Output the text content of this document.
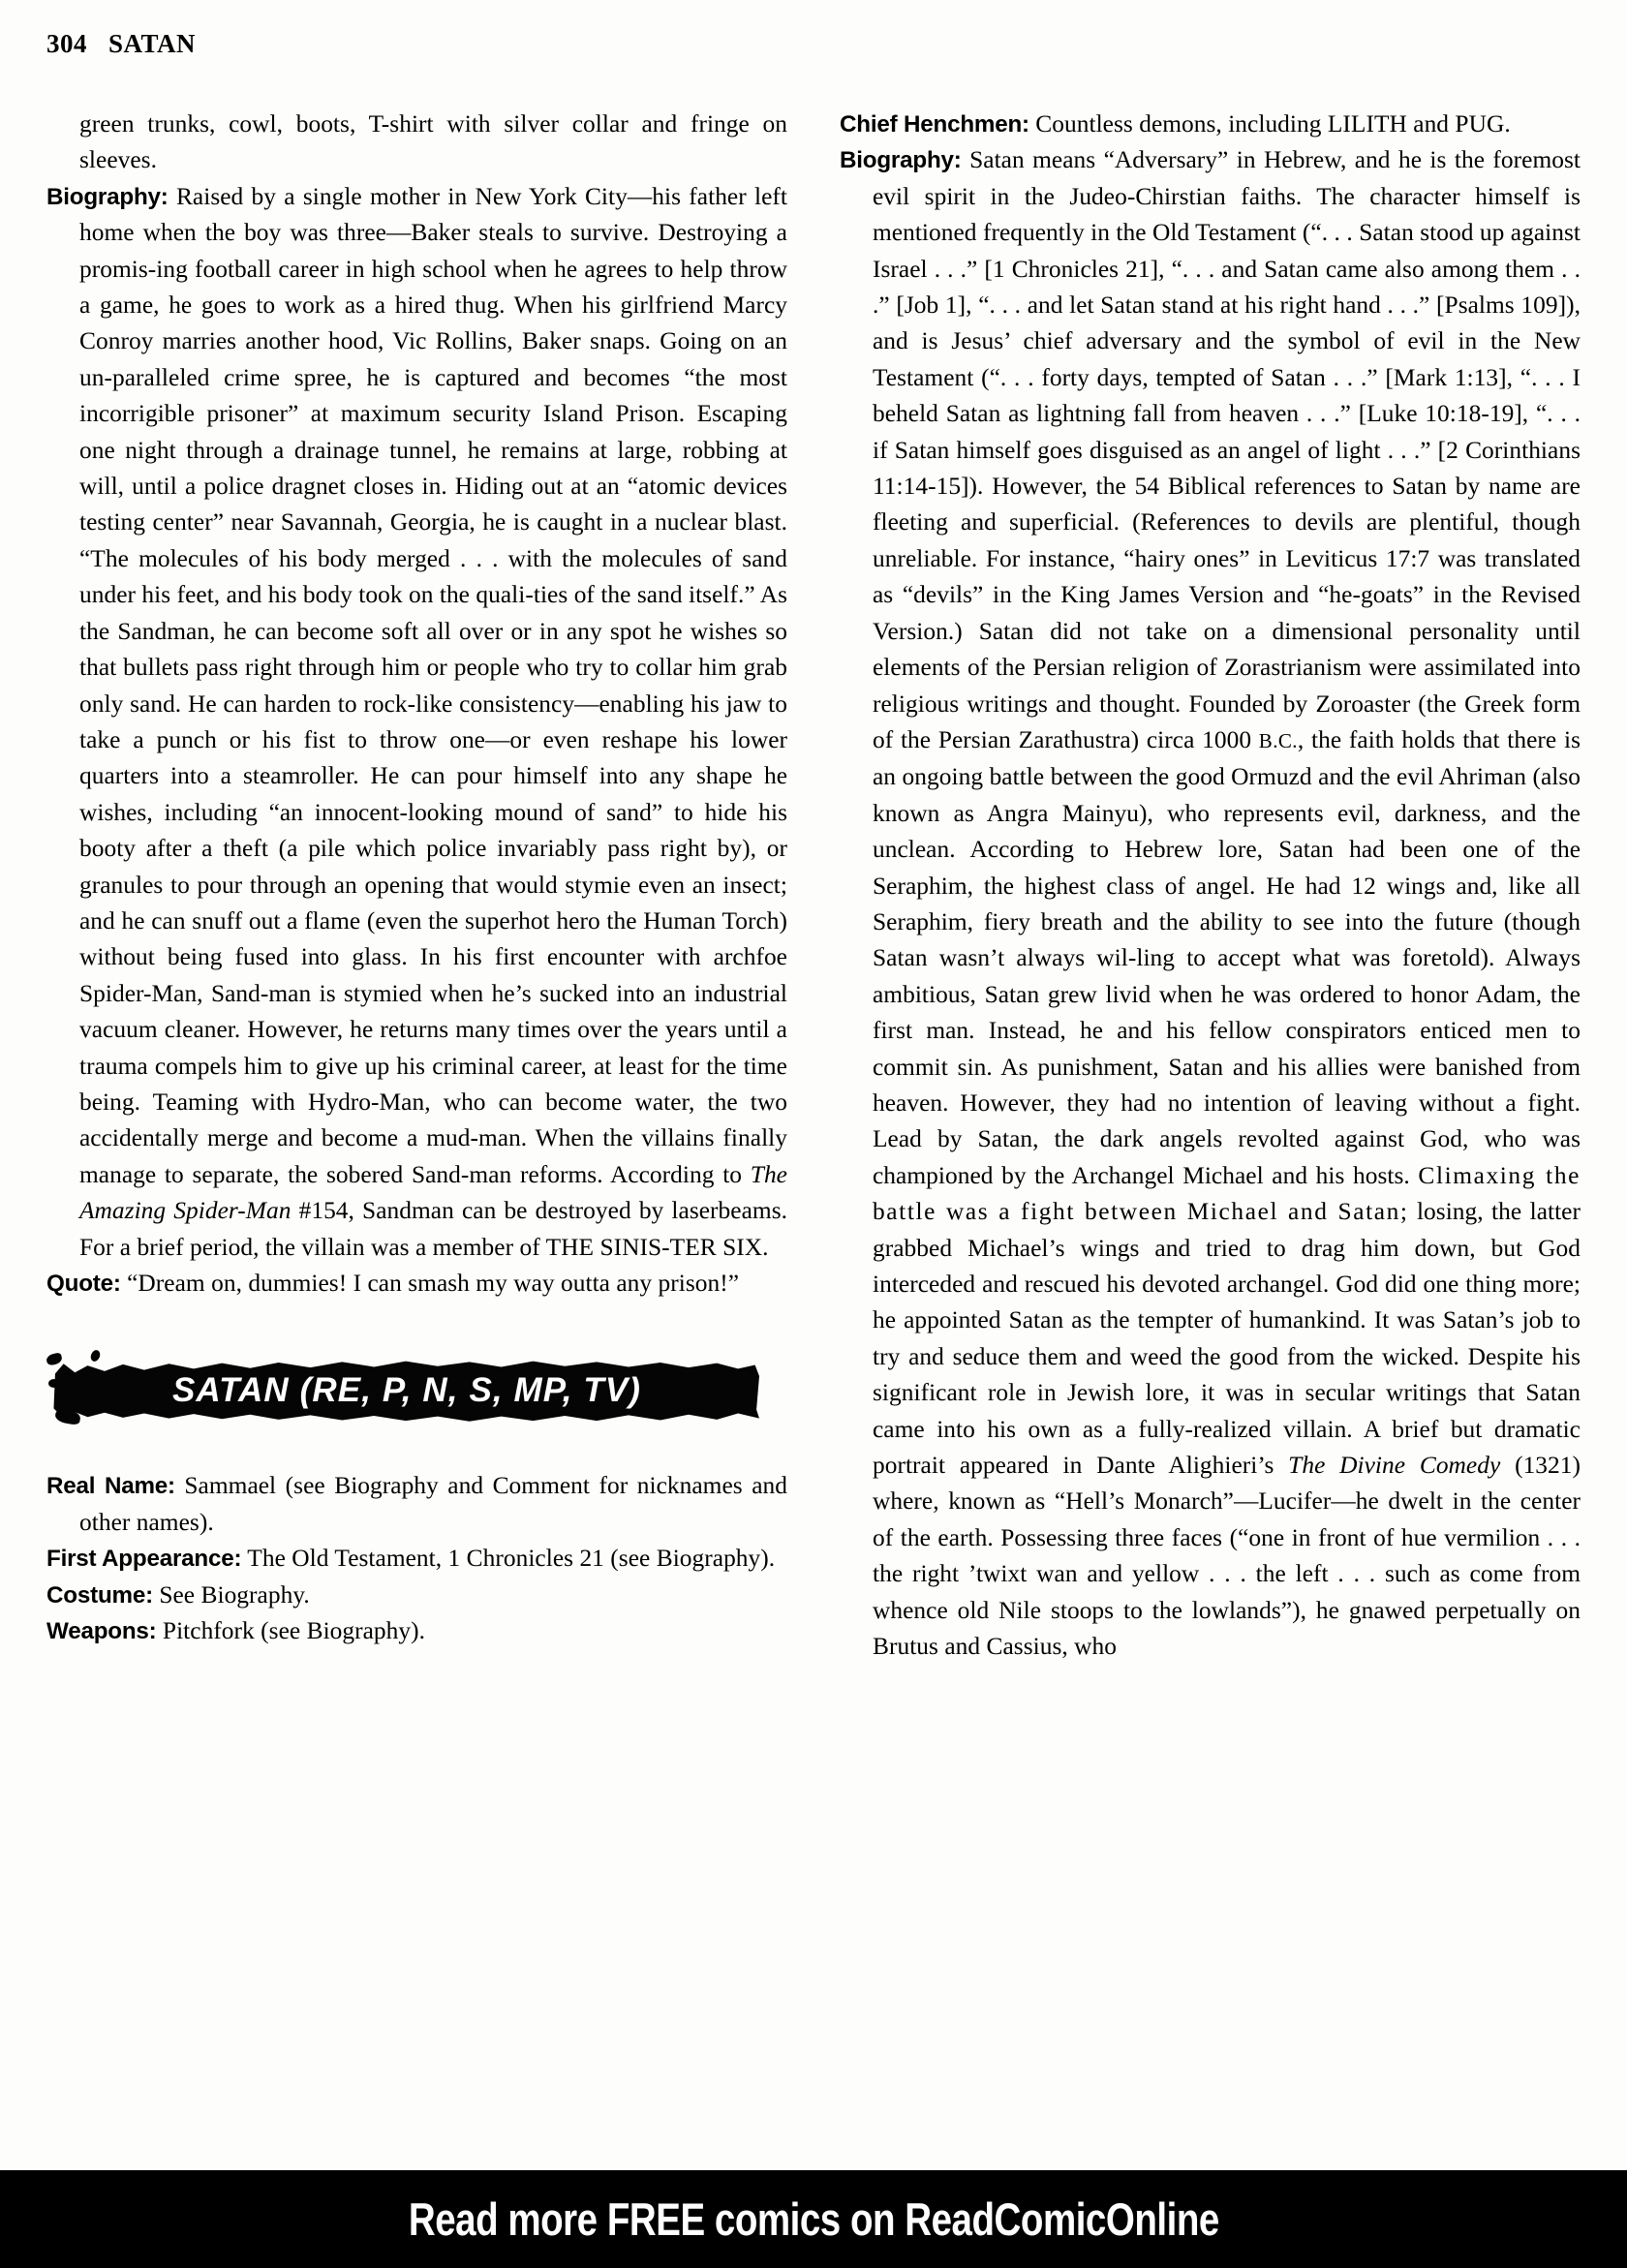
304 SATAN

green trunks, cowl, boots, T-shirt with silver collar and fringe on sleeves.

Biography: Raised by a single mother in New York City—his father left home when the boy was three—Baker steals to survive. Destroying a promis-ing football career in high school when he agrees to help throw a game, he goes to work as a hired thug. When his girlfriend Marcy Conroy marries another hood, Vic Rollins, Baker snaps. Going on an un-paralleled crime spree, he is captured and becomes “the most incorrigible prisoner” at maximum security Island Prison. Escaping one night through a drainage tunnel, he remains at large, robbing at will, until a police dragnet closes in. Hiding out at an “atomic devices testing center” near Savannah, Georgia, he is caught in a nuclear blast. “The molecules of his body merged . . . with the molecules of sand under his feet, and his body took on the quali-ties of the sand itself.” As the Sandman, he can become soft all over or in any spot he wishes so that bullets pass right through him or people who try to collar him grab only sand. He can harden to rock-like consistency—enabling his jaw to take a punch or his fist to throw one—or even reshape his lower quarters into a steamroller. He can pour himself into any shape he wishes, including “an innocent-looking mound of sand” to hide his booty after a theft (a pile which police invariably pass right by), or granules to pour through an opening that would stymie even an insect; and he can snuff out a flame (even the superhot hero the Human Torch) without being fused into glass. In his first encounter with archfoe Spider-Man, Sand-man is stymied when he’s sucked into an industrial vacuum cleaner. However, he returns many times over the years until a trauma compels him to give up his criminal career, at least for the time being. Teaming with Hydro-Man, who can become water, the two accidentally merge and become a mud-man. When the villains finally manage to separate, the sobered Sand-man reforms. According to The Amazing Spider-Man #154, Sandman can be destroyed by laserbeams. For a brief period, the villain was a member of THE SINIS-TER SIX.

Quote: “Dream on, dummies! I can smash my way outta any prison!”

SATAN (RE, P, N, S, MP, TV)

Real Name: Sammael (see Biography and Comment for nicknames and other names).

First Appearance: The Old Testament, 1 Chronicles 21 (see Biography).

Costume: See Biography.

Weapons: Pitchfork (see Biography).

Chief Henchmen: Countless demons, including LILITH and PUG.

Biography: Satan means “Adversary” in Hebrew, and he is the foremost evil spirit in the Judeo-Chirstian faiths. The character himself is mentioned frequently in the Old Testament (“. . . Satan stood up against Israel . . .” [1 Chronicles 21], “. . . and Satan came also among them . . .” [Job 1], “. . . and let Satan stand at his right hand . . .” [Psalms 109]), and is Jesus’ chief adversary and the symbol of evil in the New Testament (“. . . forty days, tempted of Satan . . .” [Mark 1:13], “. . . I beheld Satan as lightning fall from heaven . . .” [Luke 10:18-19], “. . . if Satan himself goes disguised as an angel of light . . .” [2 Corinthians 11:14-15]). However, the 54 Biblical references to Satan by name are fleeting and superficial. (References to devils are plentiful, though unreliable. For instance, “hairy ones” in Leviticus 17:7 was translated as “devils” in the King James Version and “he-goats” in the Revised Version.) Satan did not take on a dimensional personality until elements of the Persian religion of Zorastrianism were assimilated into religious writings and thought. Founded by Zoroaster (the Greek form of the Persian Zarathustra) circa 1000 B.C., the faith holds that there is an ongoing battle between the good Ormuzd and the evil Ahriman (also known as Angra Mainyu), who represents evil, darkness, and the unclean. According to Hebrew lore, Satan had been one of the Seraphim, the highest class of angel. He had 12 wings and, like all Seraphim, fiery breath and the ability to see into the future (though Satan wasn’t always wil-ling to accept what was foretold). Always ambitious, Satan grew livid when he was ordered to honor Adam, the first man. Instead, he and his fellow conspirators enticed men to commit sin. As punishment, Satan and his allies were banished from heaven. However, they had no intention of leaving without a fight. Lead by Satan, the dark angels revolted against God, who was championed by the Archangel Michael and his hosts. Climaxing the battle was a fight between Michael and Satan; losing, the latter grabbed Michael’s wings and tried to drag him down, but God interceded and rescued his devoted archangel. God did one thing more; he appointed Satan as the tempter of humankind. It was Satan’s job to try and seduce them and weed the good from the wicked. Despite his significant role in Jewish lore, it was in secular writings that Satan came into his own as a fully-realized villain. A brief but dramatic portrait appeared in Dante Alighieri’s The Divine Comedy (1321) where, known as “Hell’s Monarch”—Lucifer—he dwelt in the center of the earth. Possessing three faces (“one in front of hue vermilion . . . the right ’twixt wan and yellow . . . the left . . . such as come from whence old Nile stoops to the lowlands”), he gnawed perpetually on Brutus and Cassius, who

Read more FREE comics on ReadComicOnline
